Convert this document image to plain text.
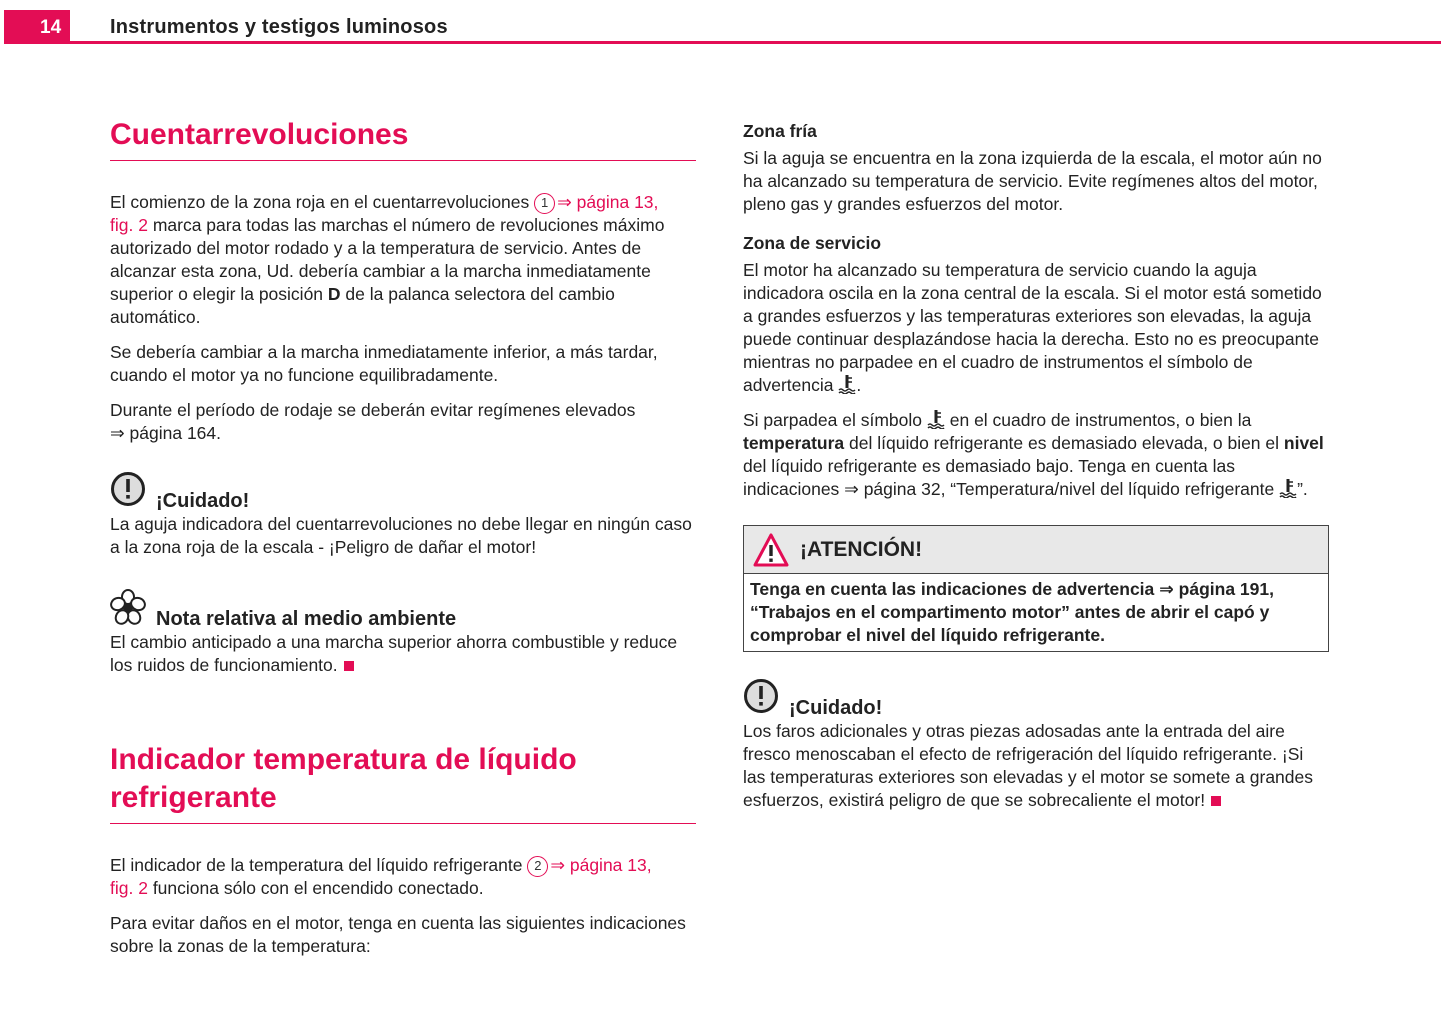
14 Instrumentos y testigos luminosos
Cuentarrevoluciones

El comienzo de la zona roja en el cuentarrevoluciones 1 ⇒ página 13,
fig. 2 marca para todas las marchas el número de revoluciones máximo autorizado del motor rodado y a la temperatura de servicio. Antes de alcanzar esta zona, Ud. debería cambiar a la marcha inmediatamente superior o elegir la posición D de la palanca selectora del cambio automático.

Se debería cambiar a la marcha inmediatamente inferior, a más tardar, cuando el motor ya no funcione equilibradamente.

Durante el período de rodaje se deberán evitar regímenes elevados
⇒ página 164.

¡Cuidado!

La aguja indicadora del cuentarrevoluciones no debe llegar en ningún caso a la zona roja de la escala - ¡Peligro de dañar el motor!

Nota relativa al medio ambiente

El cambio anticipado a una marcha superior ahorra combustible y reduce los ruidos de funcionamiento.

Indicador temperatura de líquido
refrigerante

El indicador de la temperatura del líquido refrigerante 2 ⇒ página 13,
fig. 2 funciona sólo con el encendido conectado.

Para evitar daños en el motor, tenga en cuenta las siguientes indicaciones sobre la zonas de la temperatura:

Zona fría

Si la aguja se encuentra en la zona izquierda de la escala, el motor aún no ha alcanzado su temperatura de servicio. Evite regímenes altos del motor, pleno gas y grandes esfuerzos del motor.

Zona de servicio

El motor ha alcanzado su temperatura de servicio cuando la aguja indicadora oscila en la zona central de la escala. Si el motor está sometido a grandes esfuerzos y las temperaturas exteriores son elevadas, la aguja puede continuar desplazándose hacia la derecha. Esto no es preocupante mientras no parpadee en el cuadro de instrumentos el símbolo de advertencia .

Si parpadea el símbolo  en el cuadro de instrumentos, o bien la temperatura del líquido refrigerante es demasiado elevada, o bien el nivel del líquido refrigerante es demasiado bajo. Tenga en cuenta las indicaciones ⇒ página 32, “Temperatura/nivel del líquido refrigerante ”.

¡ATENCIÓN!
Tenga en cuenta las indicaciones de advertencia ⇒ página 191, “Trabajos en el compartimento motor” antes de abrir el capó y comprobar el nivel del líquido refrigerante.
¡Cuidado!

Los faros adicionales y otras piezas adosadas ante la entrada del aire fresco menoscaban el efecto de refrigeración del líquido refrigerante. ¡Si las temperaturas exteriores son elevadas y el motor se somete a grandes esfuerzos, existirá peligro de que se sobrecaliente el motor!
